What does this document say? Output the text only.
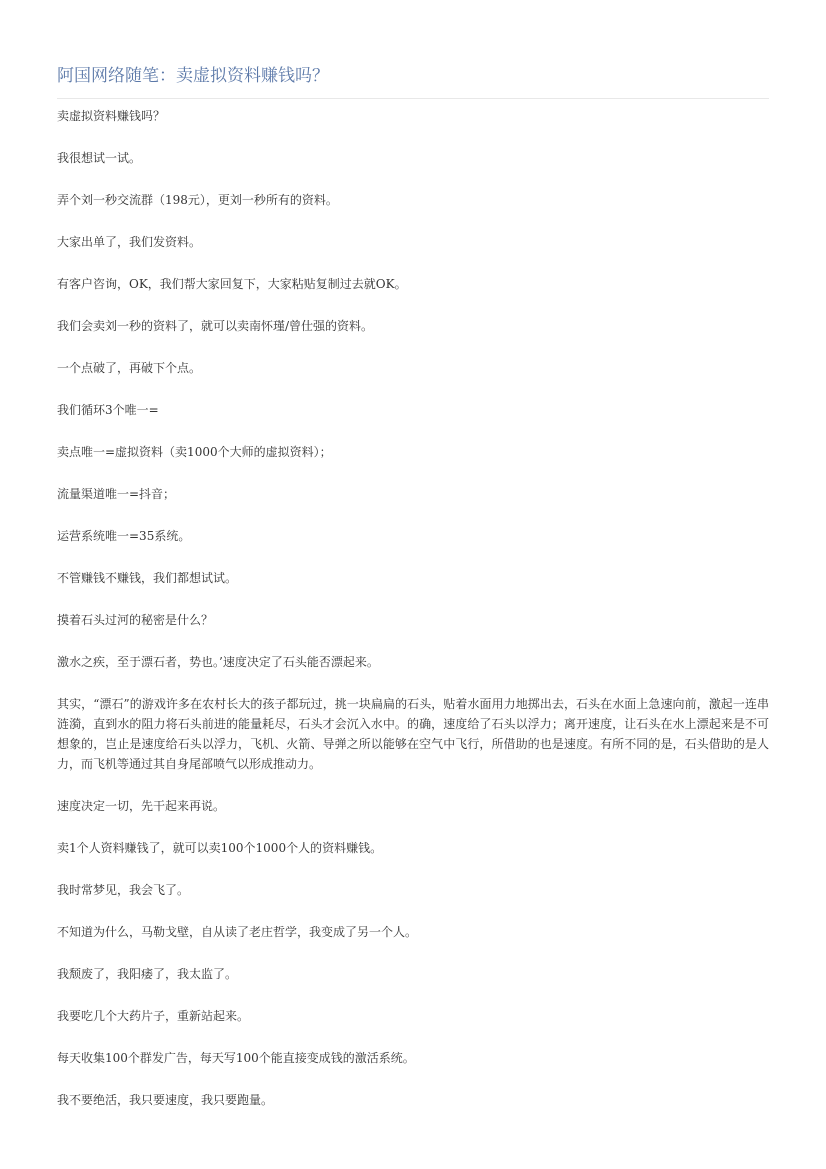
阿国网络随笔：卖虚拟资料赚钱吗？

卖虚拟资料赚钱吗？

我很想试一试。

弄个刘一秒交流群（198元），更刘一秒所有的资料。

大家出单了，我们发资料。

有客户咨询，OK，我们帮大家回复下，大家粘贴复制过去就OK。

我们会卖刘一秒的资料了，就可以卖南怀瑾/曾仕强的资料。

一个点破了，再破下个点。

我们循环3个唯一=

卖点唯一=虚拟资料（卖1000个大师的虚拟资料）；

流量渠道唯一=抖音；

运营系统唯一=35系统。

不管赚钱不赚钱，我们都想试试。

摸着石头过河的秘密是什么？

激水之疾，至于漂石者，势也。’速度决定了石头能否漂起来。

其实，“漂石”的游戏许多在农村长大的孩子都玩过，挑一块扁扁的石头，贴着水面用力地掷出去，石头在水面上急速向前，激起一连串涟漪，直到水的阻力将石头前进的能量耗尽，石头才会沉入水中。的确，速度给了石头以浮力；离开速度，让石头在水上漂起来是不可想象的，岂止是速度给石头以浮力，飞机、火箭、导弹之所以能够在空气中飞行，所借助的也是速度。有所不同的是，石头借助的是人力，而飞机等通过其自身尾部喷气以形成推动力。

速度决定一切，先干起来再说。

卖1个人资料赚钱了，就可以卖100个1000个人的资料赚钱。

我时常梦见，我会飞了。

不知道为什么，马勒戈壁，自从读了老庄哲学，我变成了另一个人。

我颓废了，我阳痿了，我太监了。

我要吃几个大药片子，重新站起来。

每天收集100个群发广告，每天写100个能直接变成钱的激活系统。

我不要绝活，我只要速度，我只要跑量。
